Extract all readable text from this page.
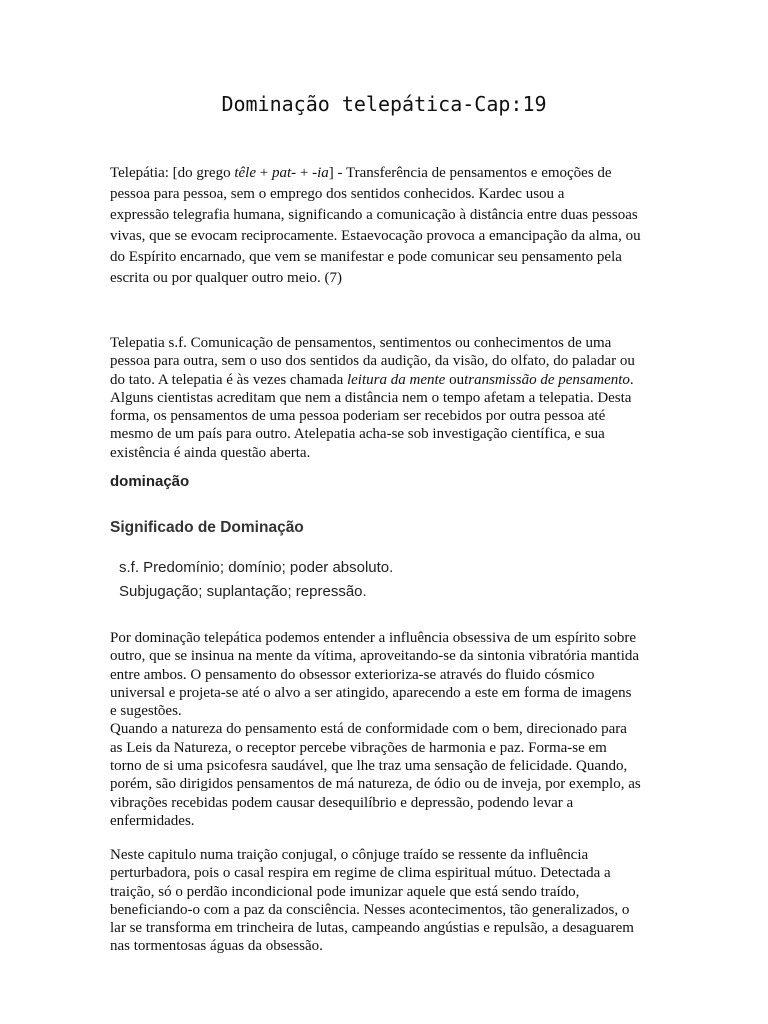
Dominação telepática-Cap:19
Telepátia: [do grego têle + pat- + -ia] - Transferência de pensamentos e emoções de
pessoa para pessoa, sem o emprego dos sentidos conhecidos. Kardec usou a
expressão telegrafia humana, significando a comunicação à distância entre duas pessoas
vivas, que se evocam reciprocamente. Estaevocação provoca a emancipação da alma, ou
do Espírito encarnado, que vem se manifestar e pode comunicar seu pensamento pela
escrita ou por qualquer outro meio. (7)
Telepatia s.f. Comunicação de pensamentos, sentimentos ou conhecimentos de uma
pessoa para outra, sem o uso dos sentidos da audição, da visão, do olfato, do paladar ou
do tato. A telepatia é às vezes chamada leitura da mente outransmissão de pensamento.
Alguns cientistas acreditam que nem a distância nem o tempo afetam a telepatia. Desta
forma, os pensamentos de uma pessoa poderiam ser recebidos por outra pessoa até
mesmo de um país para outro. Atelepatia acha-se sob investigação científica, e sua
existência é ainda questão aberta.
dominação
Significado de Dominação
s.f. Predomínio; domínio; poder absoluto.
Subjugação; suplantação; repressão.
Por dominação telepática podemos entender a influência obsessiva de um espírito sobre
outro, que se insinua na mente da vítima, aproveitando-se da sintonia vibratória mantida
entre ambos. O pensamento do obsessor exterioriza-se através do fluido cósmico
universal e projeta-se até o alvo a ser atingido, aparecendo a este em forma de imagens
e sugestões.
Quando a natureza do pensamento está de conformidade com o bem, direcionado para
as Leis da Natureza, o receptor percebe vibrações de harmonia e paz. Forma-se em
torno de si uma psicofesra saudável, que lhe traz uma sensação de felicidade. Quando,
porém, são dirigidos pensamentos de má natureza, de ódio ou de inveja, por exemplo, as
vibrações recebidas podem causar desequilíbrio e depressão, podendo levar a
enfermidades.
Neste capitulo numa traição conjugal, o cônjuge traído se ressente da influência
perturbadora, pois o casal respira em regime de clima espiritual mútuo. Detectada a
traição, só o perdão incondicional pode imunizar aquele que está sendo traído,
beneficiando-o com a paz da consciência. Nesses acontecimentos, tão generalizados, o
lar se transforma em trincheira de lutas, campeando angústias e repulsão, a desaguarem
nas tormentosas águas da obsessão.
